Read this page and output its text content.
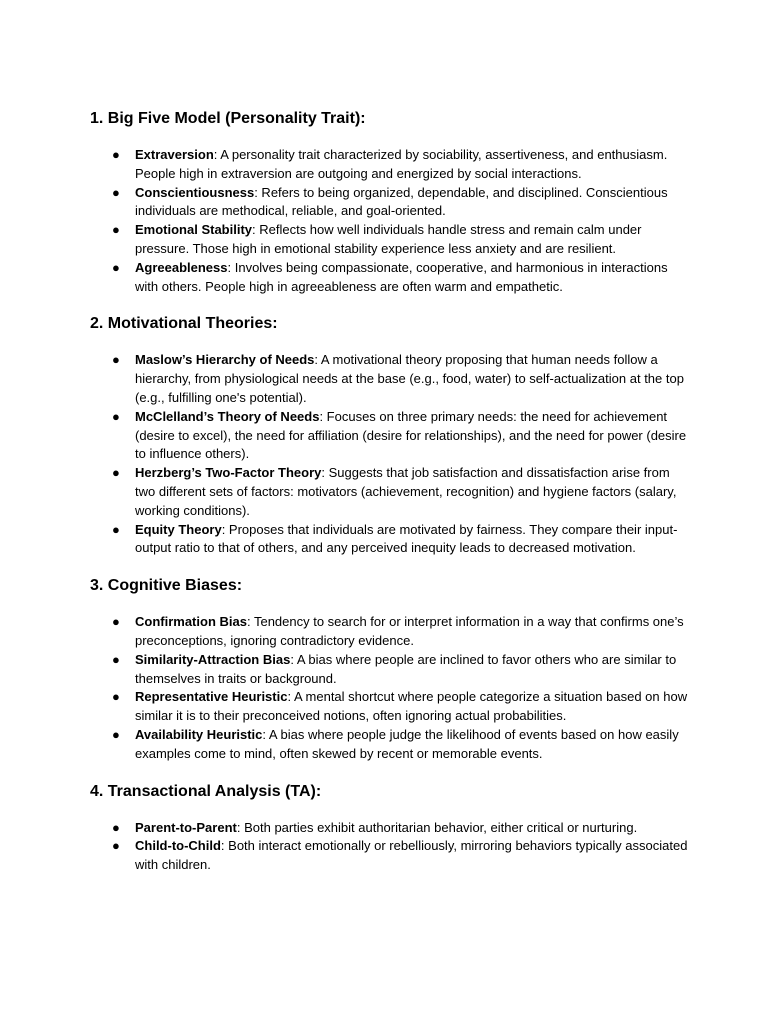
1. Big Five Model (Personality Trait):
● Extraversion: A personality trait characterized by sociability, assertiveness, and enthusiasm. People high in extraversion are outgoing and energized by social interactions.
● Conscientiousness: Refers to being organized, dependable, and disciplined. Conscientious individuals are methodical, reliable, and goal-oriented.
● Emotional Stability: Reflects how well individuals handle stress and remain calm under pressure. Those high in emotional stability experience less anxiety and are resilient.
● Agreeableness: Involves being compassionate, cooperative, and harmonious in interactions with others. People high in agreeableness are often warm and empathetic.
2. Motivational Theories:
● Maslow’s Hierarchy of Needs: A motivational theory proposing that human needs follow a hierarchy, from physiological needs at the base (e.g., food, water) to self-actualization at the top (e.g., fulfilling one's potential).
● McClelland’s Theory of Needs: Focuses on three primary needs: the need for achievement (desire to excel), the need for affiliation (desire for relationships), and the need for power (desire to influence others).
● Herzberg’s Two-Factor Theory: Suggests that job satisfaction and dissatisfaction arise from two different sets of factors: motivators (achievement, recognition) and hygiene factors (salary, working conditions).
● Equity Theory: Proposes that individuals are motivated by fairness. They compare their input-output ratio to that of others, and any perceived inequity leads to decreased motivation.
3. Cognitive Biases:
● Confirmation Bias: Tendency to search for or interpret information in a way that confirms one’s preconceptions, ignoring contradictory evidence.
● Similarity-Attraction Bias: A bias where people are inclined to favor others who are similar to themselves in traits or background.
● Representative Heuristic: A mental shortcut where people categorize a situation based on how similar it is to their preconceived notions, often ignoring actual probabilities.
● Availability Heuristic: A bias where people judge the likelihood of events based on how easily examples come to mind, often skewed by recent or memorable events.
4. Transactional Analysis (TA):
● Parent-to-Parent: Both parties exhibit authoritarian behavior, either critical or nurturing.
● Child-to-Child: Both interact emotionally or rebelliously, mirroring behaviors typically associated with children.
